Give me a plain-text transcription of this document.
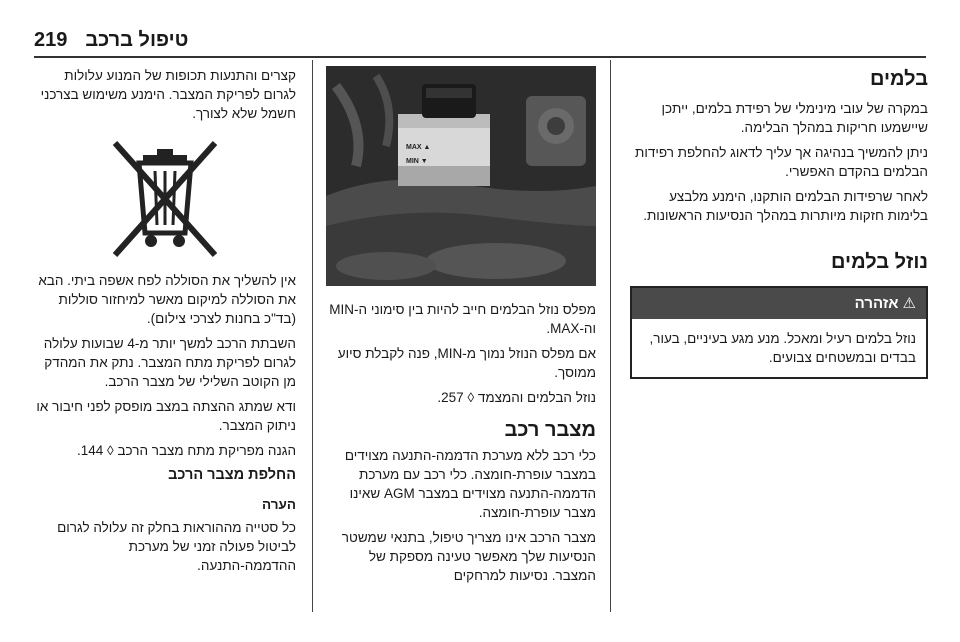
219 טיפול ברכב
בלמים

במקרה של עובי מינימלי של רפידת בלמים, ייתכן שיישמעו חריקות במהלך הבלימה.

ניתן להמשיך בנהיגה אך עליך לדאוג להחלפת רפידות הבלמים בהקדם האפשרי.

לאחר שרפידות הבלמים הותקנו, הימנע מלבצע בלימות חזקות מיותרות במהלך הנסיעות הראשונות.

נוזל בלמים
⚠
אזהרה
נוזל בלמים רעיל ומאכל. מנע מגע בעיניים, בעור, בבדים ובמשטחים צבועים.
MAX ▲
MIN ▼

מפלס נוזל הבלמים חייב להיות בין סימוני ה-MIN וה-MAX.

אם מפלס הנוזל נמוך מ-MIN, פנה לקבלת סיוע ממוסך.

נוזל הבלמים והמצמד ◊ 257.

מצבר רכב

כלי רכב ללא מערכת הדממה-התנעה מצוידים במצבר עופרת-חומצה. כלי רכב עם מערכת הדממה-התנעה מצוידים במצבר AGM שאינו מצבר עופרת-חומצה.

מצבר הרכב אינו מצריך טיפול, בתנאי שמשטר הנסיעות שלך מאפשר טעינה מספקת של המצבר. נסיעות למרחקים

קצרים והתנעות תכופות של המנוע עלולות לגרום לפריקת המצבר. הימנע משימוש בצרכני חשמל שלא לצורך.

אין להשליך את הסוללה לפח אשפה ביתי. הבא את הסוללה למיקום מאשר למיחזור סוללות (בד"כ בחנות לצרכי צילום).

השבתת הרכב למשך יותר מ-4 שבועות עלולה לגרום לפריקת מתח המצבר. נתק את המהדק מן הקוטב השלילי של מצבר הרכב.

ודא שמתג ההצתה במצב מופסק לפני חיבור או ניתוק המצבר.

הגנה מפריקת מתח מצבר הרכב ◊ 144.

החלפת מצבר הרכב
הערה

כל סטייה מההוראות בחלק זה עלולה לגרום לביטול פעולה זמני של מערכת ההדממה-התנעה.
